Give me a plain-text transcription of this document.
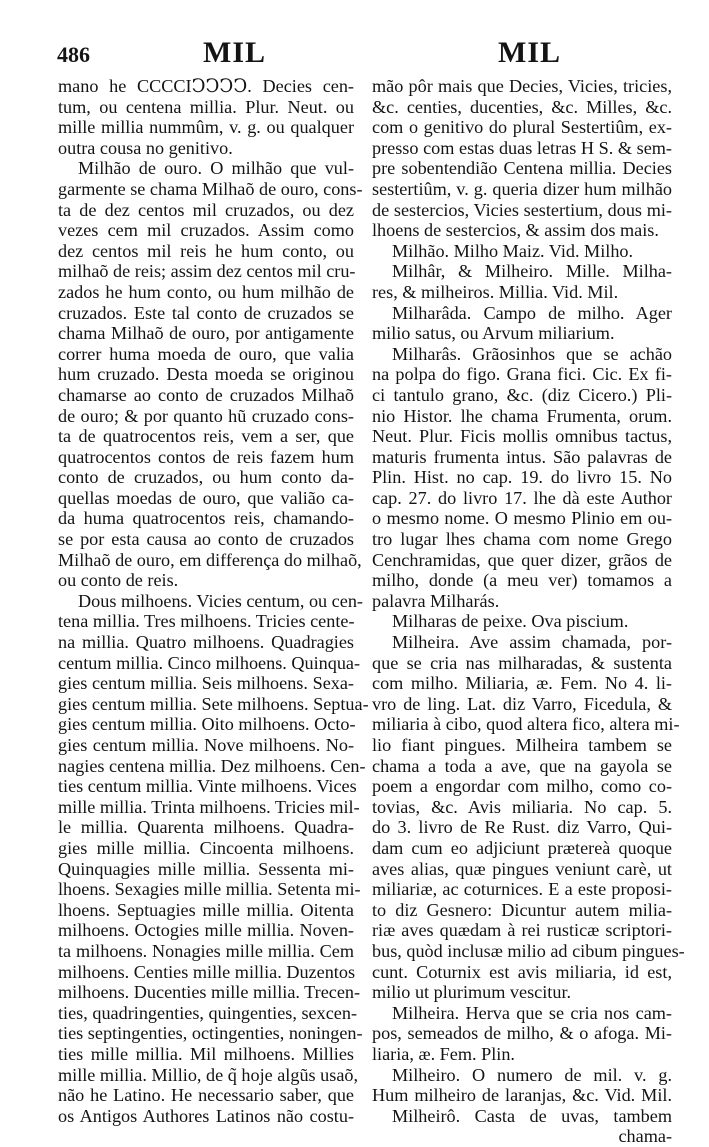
486	MIL	MIL
mano he CCCCIↃↃↃↃ. Decies cen-
tum, ou centena millia. Plur. Neut. ou
mille millia nummûm, v. g. ou qualquer
outra cousa no genitivo.
Milhão de ouro. O milhão que vul-
garmente se chama Milhaõ de ouro, cons-
ta de dez centos mil cruzados, ou dez
vezes cem mil cruzados. Assim como
dez centos mil reis he hum conto, ou
milhaõ de reis; assim dez centos mil cru-
zados he hum conto, ou hum milhão de
cruzados. Este tal conto de cruzados se
chama Milhaõ de ouro, por antigamente
correr huma moeda de ouro, que valia
hum cruzado. Desta moeda se originou
chamarse ao conto de cruzados Milhaõ
de ouro; & por quanto hũ cruzado cons-
ta de quatrocentos reis, vem a ser, que
quatrocentos contos de reis fazem hum
conto de cruzados, ou hum conto da-
quellas moedas de ouro, que valião ca-
da huma quatrocentos reis, chamando-
se por esta causa ao conto de cruzados
Milhaõ de ouro, em differença do milhaõ,
ou conto de reis.
Dous milhoens. Vicies centum, ou cen-
tena millia. Tres milhoens. Tricies cente-
na millia. Quatro milhoens. Quadragies
centum millia. Cinco milhoens. Quinqua-
gies centum millia. Seis milhoens. Sexa-
gies centum millia. Sete milhoens. Septua-
gies centum millia. Oito milhoens. Octo-
gies centum millia. Nove milhoens. No-
nagies centena millia. Dez milhoens. Cen-
ties centum millia. Vinte milhoens. Vices
mille millia. Trinta milhoens. Tricies mil-
le millia. Quarenta milhoens. Quadra-
gies mille millia. Cincoenta milhoens.
Quinquagies mille millia. Sessenta mi-
lhoens. Sexagies mille millia. Setenta mi-
lhoens. Septuagies mille millia. Oitenta
milhoens. Octogies mille millia. Noven-
ta milhoens. Nonagies mille millia. Cem
milhoens. Centies mille millia. Duzentos
milhoens. Ducenties mille millia. Trecen-
ties, quadringenties, quingenties, sexcen-
ties septingenties, octingenties, noningen-
ties mille millia. Mil milhoens. Millies
mille millia. Millio, de q̃ hoje algũs usaõ,
não he Latino. He necessario saber, que
os Antigos Authores Latinos não costu-
mão pôr mais que Decies, Vicies, tricies,
&c. centies, ducenties, &c. Milles, &c.
com o genitivo do plural Sestertiûm, ex-
presso com estas duas letras H S. & sem-
pre sobentendião Centena millia. Decies
sestertiûm, v. g. queria dizer hum milhão
de sestercios, Vicies sestertium, dous mi-
lhoens de sestercios, & assim dos mais.
Milhão. Milho Maiz. Vid. Milho.
Milhâr, & Milheiro. Mille. Milha-
res, & milheiros. Millia. Vid. Mil.
Milharâda. Campo de milho. Ager
milio satus, ou Arvum miliarium.
Milharâs. Grãosinhos que se achão
na polpa do figo. Grana fici. Cic. Ex fi-
ci tantulo grano, &c. (diz Cicero.) Pli-
nio Histor. lhe chama Frumenta, orum.
Neut. Plur. Ficis mollis omnibus tactus,
maturis frumenta intus. São palavras de
Plin. Hist. no cap. 19. do livro 15. No
cap. 27. do livro 17. lhe dà este Author
o mesmo nome. O mesmo Plinio em ou-
tro lugar lhes chama com nome Grego
Cenchramidas, que quer dizer, grãos de
milho, donde (a meu ver) tomamos a
palavra Milharás.
Milharas de peixe. Ova piscium.
Milheira. Ave assim chamada, por-
que se cria nas milharadas, & sustenta
com milho. Miliaria, æ. Fem. No 4. li-
vro de ling. Lat. diz Varro, Ficedula, &
miliaria à cibo, quod altera fico, altera mi-
lio fiant pingues. Milheira tambem se
chama a toda a ave, que na gayola se
poem a engordar com milho, como co-
tovias, &c. Avis miliaria. No cap. 5.
do 3. livro de Re Rust. diz Varro, Qui-
dam cum eo adjiciunt prætereà quoque
aves alias, quæ pingues veniunt carè, ut
miliariæ, ac coturnices. E a este proposi-
to diz Gesnero: Dicuntur autem milia-
riæ aves quædam à rei rusticæ scriptori-
bus, quòd inclusæ milio ad cibum pingues-
cunt. Coturnix est avis miliaria, id est,
milio ut plurimum vescitur.
Milheira. Herva que se cria nos cam-
pos, semeados de milho, & o afoga. Mi-
liaria, æ. Fem. Plin.
Milheiro. O numero de mil. v. g.
Hum milheiro de laranjas, &c. Vid. Mil.
Milheirô. Casta de uvas, tambem
chama-
